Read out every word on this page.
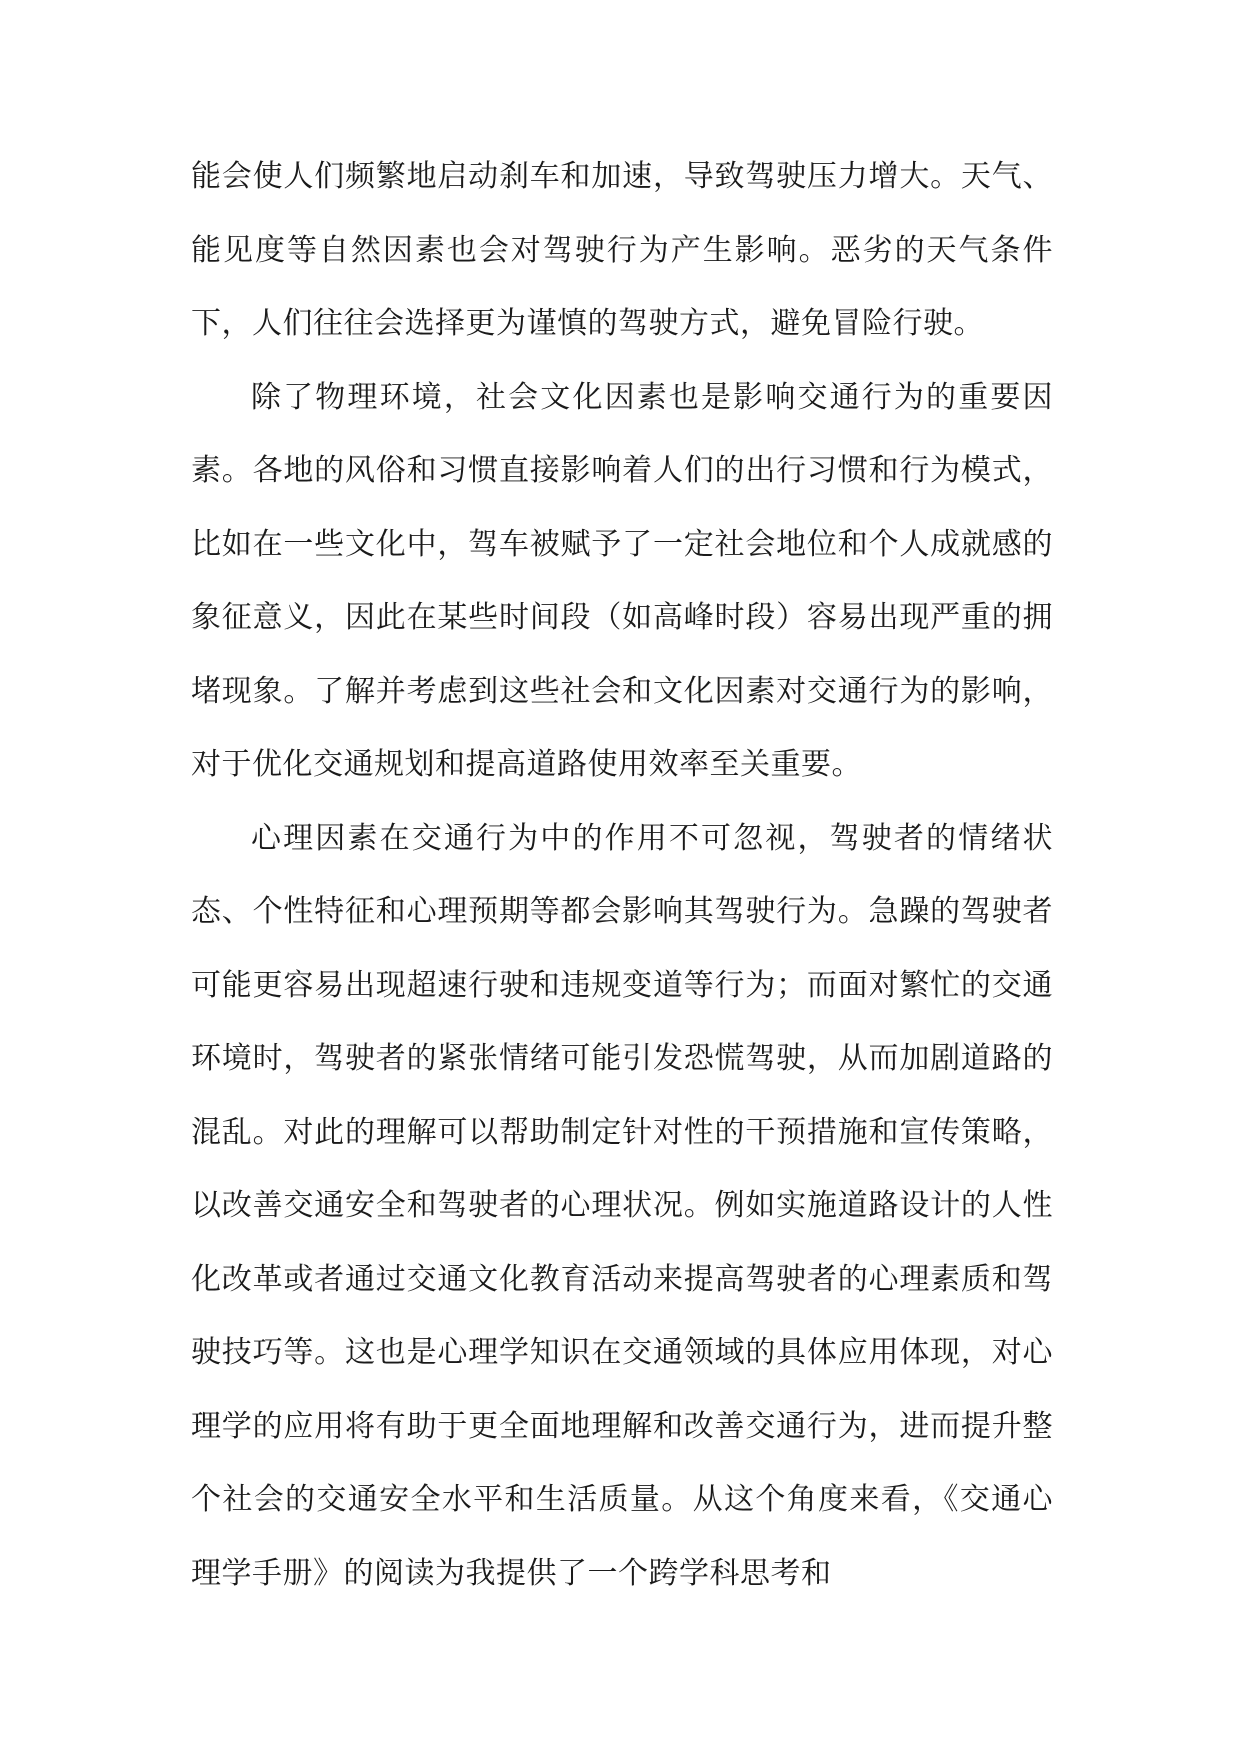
能会使人们频繁地启动刹车和加速，导致驾驶压力增大。天气、能见度等自然因素也会对驾驶行为产生影响。恶劣的天气条件下，人们往往会选择更为谨慎的驾驶方式，避免冒险行驶。

除了物理环境，社会文化因素也是影响交通行为的重要因素。各地的风俗和习惯直接影响着人们的出行习惯和行为模式，比如在一些文化中，驾车被赋予了一定社会地位和个人成就感的象征意义，因此在某些时间段（如高峰时段）容易出现严重的拥堵现象。了解并考虑到这些社会和文化因素对交通行为的影响，对于优化交通规划和提高道路使用效率至关重要。

心理因素在交通行为中的作用不可忽视，驾驶者的情绪状态、个性特征和心理预期等都会影响其驾驶行为。急躁的驾驶者可能更容易出现超速行驶和违规变道等行为；而面对繁忙的交通环境时，驾驶者的紧张情绪可能引发恐慌驾驶，从而加剧道路的混乱。对此的理解可以帮助制定针对性的干预措施和宣传策略，以改善交通安全和驾驶者的心理状况。例如实施道路设计的人性化改革或者通过交通文化教育活动来提高驾驶者的心理素质和驾驶技巧等。这也是心理学知识在交通领域的具体应用体现，对心理学的应用将有助于更全面地理解和改善交通行为，进而提升整个社会的交通安全水平和生活质量。从这个角度来看，《交通心理学手册》的阅读为我提供了一个跨学科思考和
